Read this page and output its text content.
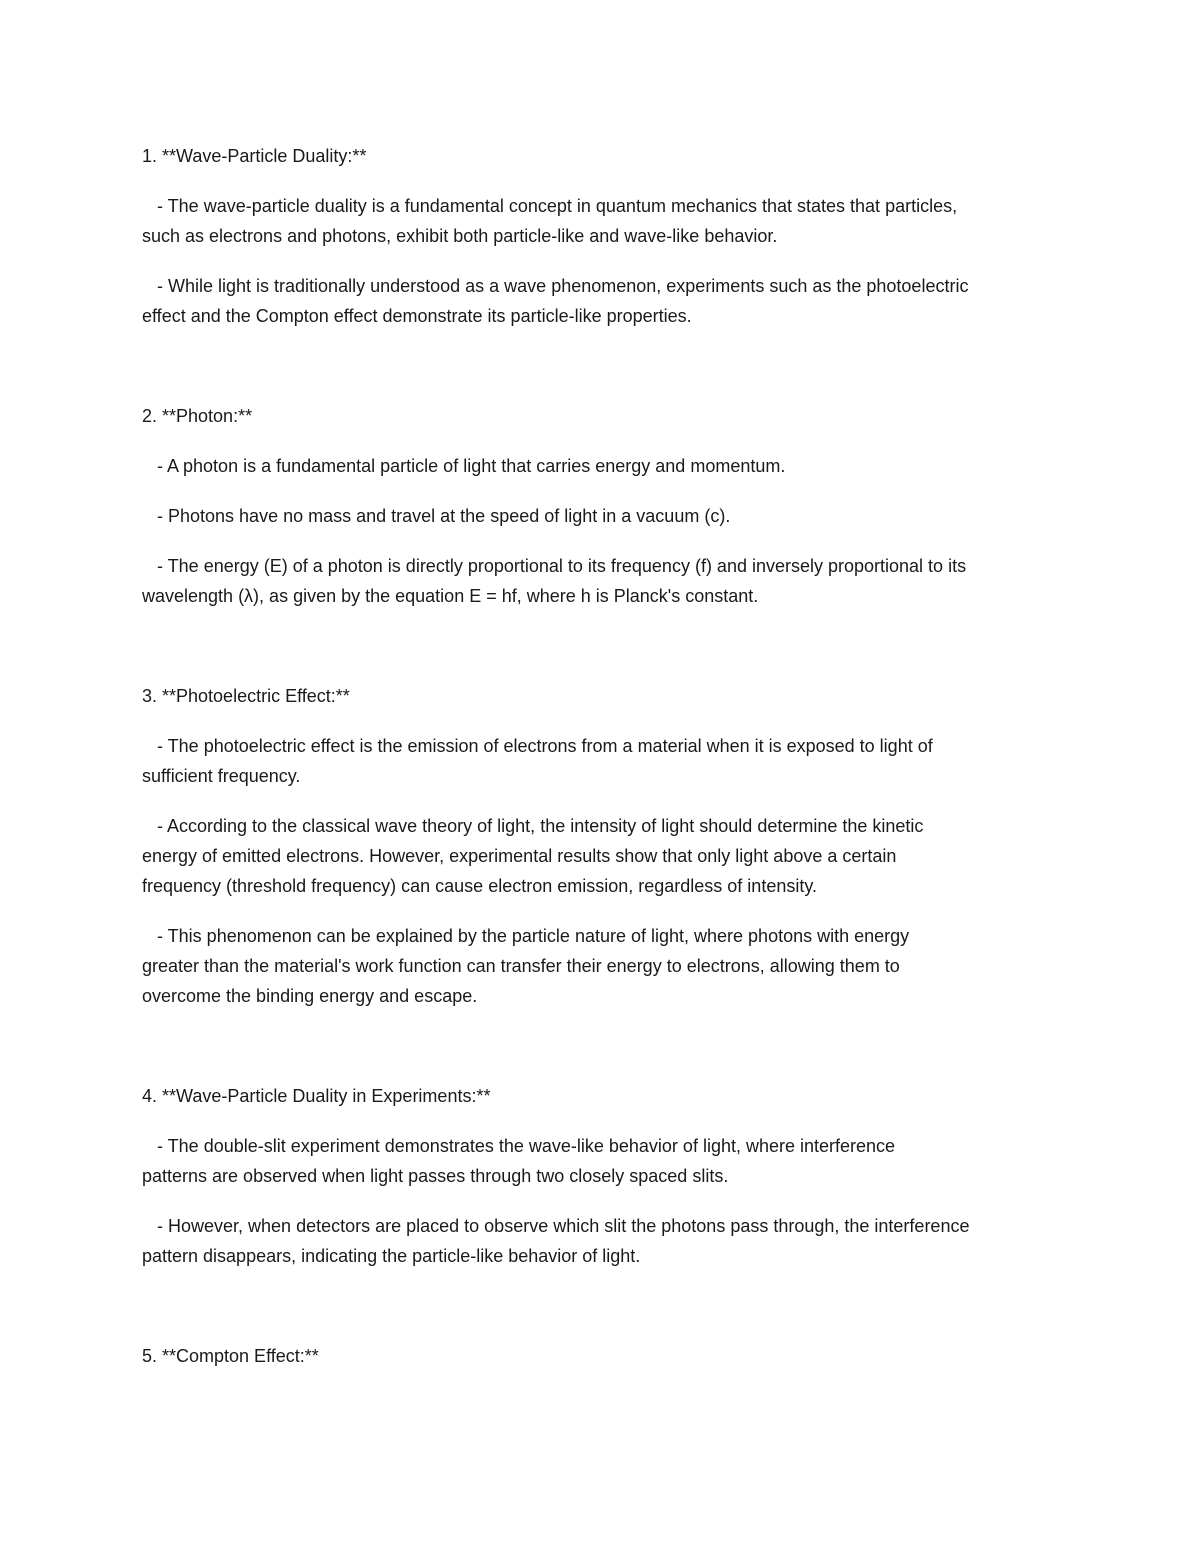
1. **Wave-Particle Duality:**
- The wave-particle duality is a fundamental concept in quantum mechanics that states that particles,
such as electrons and photons, exhibit both particle-like and wave-like behavior.
- While light is traditionally understood as a wave phenomenon, experiments such as the photoelectric
effect and the Compton effect demonstrate its particle-like properties.
2. **Photon:**
- A photon is a fundamental particle of light that carries energy and momentum.
- Photons have no mass and travel at the speed of light in a vacuum (c).
- The energy (E) of a photon is directly proportional to its frequency (f) and inversely proportional to its
wavelength (λ), as given by the equation E = hf, where h is Planck's constant.
3. **Photoelectric Effect:**
- The photoelectric effect is the emission of electrons from a material when it is exposed to light of
sufficient frequency.
- According to the classical wave theory of light, the intensity of light should determine the kinetic
energy of emitted electrons. However, experimental results show that only light above a certain
frequency (threshold frequency) can cause electron emission, regardless of intensity.
- This phenomenon can be explained by the particle nature of light, where photons with energy
greater than the material's work function can transfer their energy to electrons, allowing them to
overcome the binding energy and escape.
4. **Wave-Particle Duality in Experiments:**
- The double-slit experiment demonstrates the wave-like behavior of light, where interference
patterns are observed when light passes through two closely spaced slits.
- However, when detectors are placed to observe which slit the photons pass through, the interference
pattern disappears, indicating the particle-like behavior of light.
5. **Compton Effect:**
